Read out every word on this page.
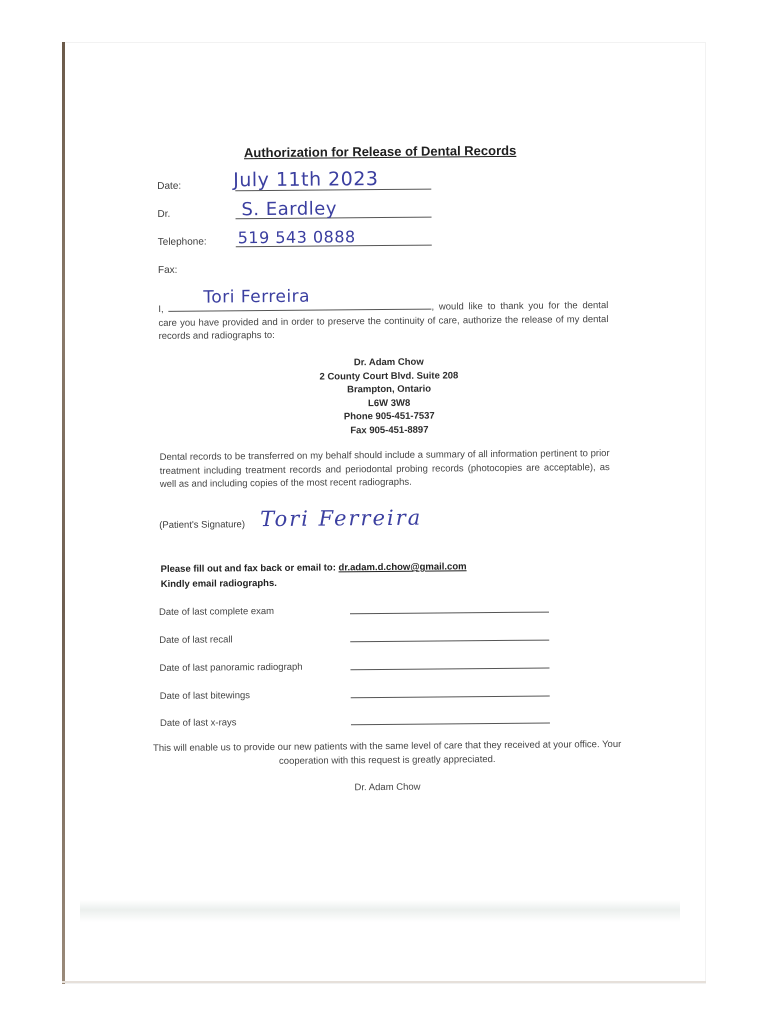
Authorization for Release of Dental Records
Date:	July 11th 2023
Dr.	S. Eardley
Telephone: 519 543 0888
Fax:
I,
Tori Ferreira	, would like to thank you for the dental care you have provided and in order to preserve the continuity of care, authorize the release of my dental records and radiographs to:
Dr. Adam Chow
2 County Court Blvd. Suite 208
Brampton, Ontario
L6W 3W8
Phone 905-451-7537
Fax 905-451-8897
Dental records to be transferred on my behalf should include a summary of all information pertinent to prior treatment including treatment records and periodontal probing records (photocopies are acceptable), as well as and including copies of the most recent radiographs.
(Patient's Signature) Tori Ferreira
Please fill out and fax back or email to: dr.adam.d.chow@gmail.com
Kindly email radiographs.
Date of last complete exam
Date of last recall
Date of last panoramic radiograph
Date of last bitewings
Date of last x-rays
This will enable us to provide our new patients with the same level of care that they received at your office. Your cooperation with this request is greatly appreciated.
Dr. Adam Chow
